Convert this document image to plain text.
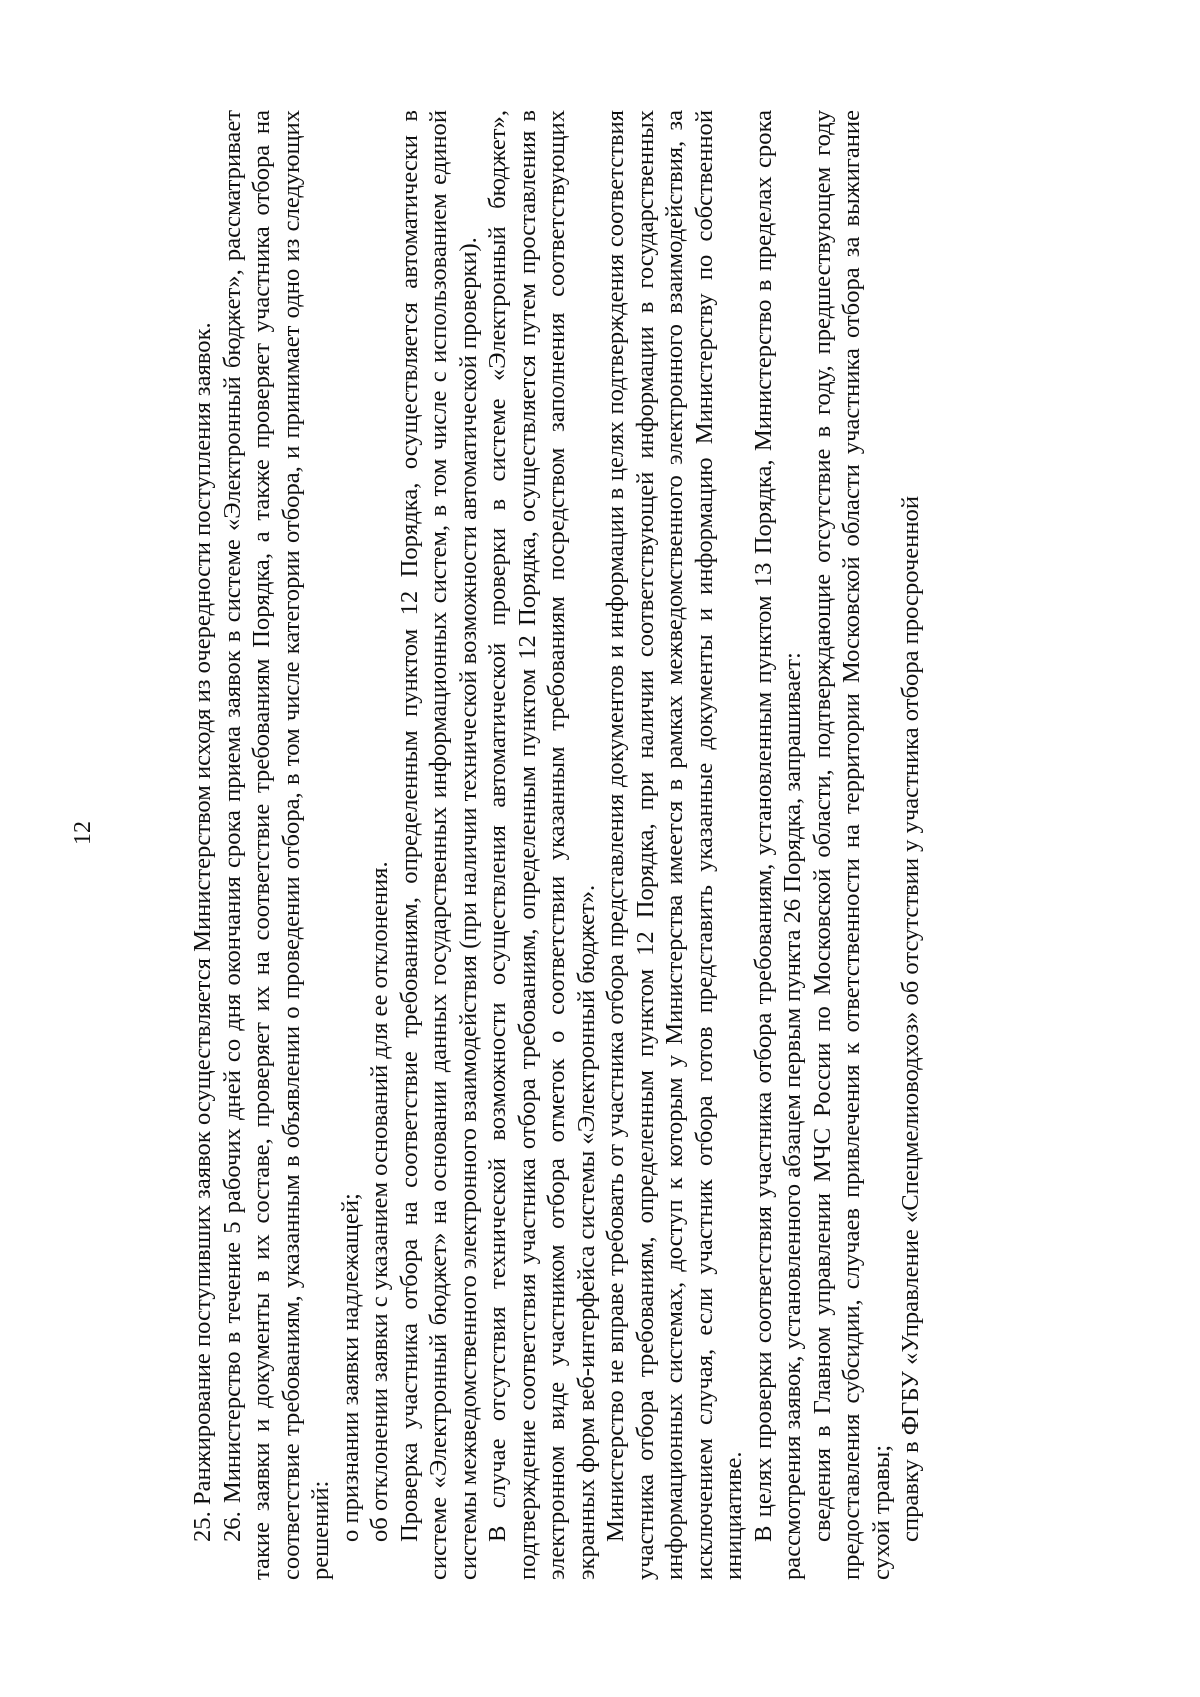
12	25. Ранжирование поступивших заявок осуществляется Министерством исходя из очередности поступления заявок. 26. Министерство в течение 5 рабочих дней со дня окончания срока приема заявок в системе «Электронный бюджет», рассматривает такие заявки и документы в их составе, проверяет их на соответствие требованиям Порядка, а также проверяет участника отбора на соответствие требованиям, указанным в объявлении о проведении отбора, в том числе категории отбора, и принимает одно из следующих решений: о признании заявки надлежащей; об отклонении заявки с указанием оснований для ее отклонения. Проверка участника отбора на соответствие требованиям, определенным пунктом 12 Порядка, осуществляется автоматически в системе «Электронный бюджет» на основании данных государственных информационных систем, в том числе с использованием единой системы межведомственного электронного взаимодействия (при наличии технической возможности автоматической проверки). В случае отсутствия технической возможности осуществления автоматической проверки в системе «Электронный бюджет», подтверждение соответствия участника отбора требованиям, определенным пунктом 12 Порядка, осуществляется путем проставления в электронном виде участником отбора отметок о соответствии указанным требованиям посредством заполнения соответствующих экранных форм веб-интерфейса системы «Электронный бюджет». Министерство не вправе требовать от участника отбора представления документов и информации в целях подтверждения соответствия участника отбора требованиям, определенным пунктом 12 Порядка, при наличии соответствующей информации в государственных информационных системах, доступ к которым у Министерства имеется в рамках межведомственного электронного взаимодействия, за исключением случая, если участник отбора готов представить указанные документы и информацию Министерству по собственной инициативе. В целях проверки соответствия участника отбора требованиям, установленным пунктом 13 Порядка, Министерство в пределах срока рассмотрения заявок, установленного абзацем первым пункта 26 Порядка, запрашивает: сведения в Главном управлении МЧС России по Московской области, подтверждающие отсутствие в году, предшествующем году предоставления субсидии, случаев привлечения к ответственности на территории Московской области участника отбора за выжигание сухой травы; справку в ФГБУ «Управление «Спецмелиоводхоз» об отсутствии у участника отбора просроченной
